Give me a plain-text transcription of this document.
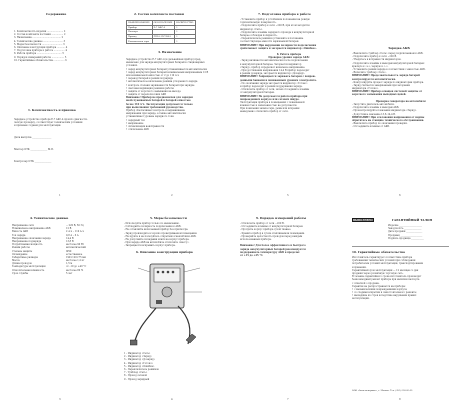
Содержание
1. Комплектность изделия ...................... 2
2. Состав комплекта поставки ................ 2
3. Назначение ....................................... 2
4. Технические данные ........................... 3
5. Меры безопасности ............................ 3
6. Описание конструкции прибора ........... 4
7. Подготовка прибора к работе ............... 4
8. Работа прибора .................................. 5
9. Порядок измерений работы ................. 5
10. Гарантийные обязательства ............... 6
1. Комплектность и приемка
Зарядное устройство прибора Е-7 АКС-4 прошло диагности-
ческую проверку, соответствует техническим условиям
и признано годным для эксплуатации.
Дата выпуска ________________
Мастер ОТК ______________ М.П.
Контролер ОТК ______________
1
2. Состав комплекта поставки
НАИМЕНОВАНИЕ	ОБОЗНАЧЕНИЕ	КОЛИЧЕСТВО
Прибор	Е-7 АКС-4	1
Паспорт		1
Провод	РПБ-1 ПСЛ-К4	1
Упаковочная тара		1
3. Назначение
Зарядное устройство Е-7 АКС-4 (в дальнейшем прибор) пред-
назначено для заряда аккумуляторных батарей в стационарных
условиях.
• заряд аккумуляторных батарей устанавливается автоматически
• заряд аккумуляторных батарей номинальным напряжением 12 В
или номинальной ёмкостью от 2 до 110 А·ч
• перевод батарей в режим подзаряда
• автоматическое включение режима ускоренного заряда
• контроль степени заряженности батарей при зарядке
• световая индикация режимов работы
• защита от короткого замыкания на выходе
• защита от переполюсовки АКБ
Внимание! Прибор не предназначен для зарядки
необслуживаемых батарей и батарей ёмкостью
более 110 А·ч. Эксплуатация допускается только
при выполнении требований руководства.
Прибор обеспечивает контроль и выравнивание
напряжения при заряде, а также автоматически
устанавливает уровень зарядного тока:
• зарядный ток
• напряжение
• сигнализация неисправности
• отключение АКБ
2
7. Подготовка прибора к работе
- Установите прибор в устойчивом положении на ровную
горизонтальную поверхность.
- Подключите прибор к сети ~220 В, при этом загорится
индикатор «Сеть».
- Подключите клеммы зарядного провода к аккумуляторной
батарее соблюдая полярность.
- Переключатель режимов установите в положение
соответствующее ёмкости заряжаемой батареи.
ВНИМАНИЕ! При нарушении полярности подключения
срабатывает защита и загорается индикатор «Ошибка».
8. Работа прибора
Проверка уровня заряда АКБ:
- Заряд начинается автоматически после подключения
к аккумуляторной батарее. Загорается индикатор
«Заряд», прибор определяет начальное напряжение.
- При достижении напряжения 14,4 В прибор переходит
в режим дозаряда, загорается индикатор «Дозаряд».
ВНИМАНИЕ! Запрещается заряжать батареи с повреж-
денными банками и пониженным уровнем электролита.
- По окончании заряда загорается индикатор «Готово»
и прибор переходит в режим поддержания заряда.
- Отключите прибор от сети, затем отсоедините клеммы
от аккумуляторной батареи.
ВНИМАНИЕ! Не допускается работа прибора при
повреждённом корпусе или сетевом шнуре.
Эксплуатация прибора в помещениях с повышенной
влажностью и запылённостью не допускается.
При появлении запаха гари, дыма или искрения
немедленно отключите прибор от сети.
5
Зарядка АКБ
- Выключите тумблер «Сеть» перед подключением к АКБ.
- Подключите прибор к сети ~220 В.
- Убедитесь в исправности индикаторов.
- Подключите клеммы к выводам аккумуляторной батареи:
красную к «+», чёрную к «–».
- Установите режим заряда в соответствии с ёмкостью АКБ.
- Включите тумблер «Сеть».
ВНИМАНИЕ! Продолжительность заряда батарей
контролируется автоматически.
- Контролируйте процесс заряда по индикаторам прибора.
- Заряд считается завершённым при загорании
индикатора «Готово».
ВНИМАНИЕ! Прибор оснащён системой защиты от
короткого замыкания выходных цепей.
Проверка генератора на автомобиле:
- Запустите двигатель автомобиля.
- Подключите клеммы к выводам АКБ.
- Проконтролируйте показания индикатора «Заряд».
- Допустимое значение 13,8–14,4 В.
ВНИМАНИЕ! При отклонении напряжения от нормы
обратитесь на станцию технического обслуживания.
- Выключите прибор по окончании проверки.
- Отсоедините клеммы от АКБ.
6
4. Технические данные
Напряжение сети	~ 220 В, 50 Гц
Номинальное напряжение АКБ	12 В
Ёмкость АКБ	2 А·ч – 110 А·ч
Ток заряда	0,8 А – 6 А
Напряжение окончания заряда	14,4 В
Напряжение подзаряда	13,8 В
Потребляемая мощность	не более 90 Вт
Режим работы	автоматический
Степень защиты	IP20
Охлаждение	естественное
Габаритные размеры	190×120×75 мм
Масса	не более 1,2 кг
Длина проводов	1,5 м
Температура эксплуатации	от –10 до +40 °С
Относительная влажность	не более 80 %
Срок службы	5 лет
3
5. Меры безопасности
- Используйте прибор только по назначению.
- Соблюдайте полярность подключения к АКБ.
- Не оставляйте включённый прибор без присмотра.
- Заряд производите в хорошо проветриваемом помещении.
- Не курите и не пользуйтесь открытым огнём вблизи АКБ.
- Не допускайте попадания влаги на корпус прибора.
- При заряде АКБ на автомобиле отключите «массу».
- Запрещается вскрывать корпус прибора.
6. Описание конструкции прибора
1 - Индикатор «Сеть»
2 - Индикатор «Заряд»
3 - Индикатор «Дозаряд»
4 - Индикатор «Готово»
5 - Индикатор «Ошибка»
6 - Переключатель режимов
7 - Тумблер «Сеть»
8 - Провод сетевой
9 - Провод зарядный
4
9. Порядок измерений работы
- Отключите прибор от сети ~220 В.
- Отсоедините клеммы от аккумуляторной батареи.
- Протрите корпус прибора сухой тканью.
- Храните прибор в сухом отапливаемом помещении.
- Проверяйте целостность проводов перед каждым
использованием прибора.
Внимание! Для более эффективного и быстрого
заряда аккумуляторных батарей рекомендуется
поддерживать температуру АКБ в пределах
от +15 до +25 °С.
7
ВЫПОЛНЕНО	ГАРАНТИЙНЫЙ ТАЛОН
Изделие ____________________
Заводской № _______________
Дата продажи ______________
Продавец ___________________
Подпись продавца ___________
10. Гарантийные обязательства
Изготовитель гарантирует соответствие прибора
требованиям технических условий при соблюдении
потребителем условий эксплуатации, транспортирования
и хранения.
Гарантийный срок эксплуатации — 12 месяцев со дня
продажи через розничную торговую сеть.
В течение гарантийного срока изготовитель производит
безвозмездный ремонт прибора при наличии паспорта
с отметкой о продаже.
Гарантия не распространяется на приборы:
• с механическими повреждениями корпуса;
• со следами вскрытия и самостоятельного ремонта;
• вышедшие из строя вследствие нарушения правил
эксплуатации.
ООО «Автоэлектрика», г. Москва. Тел. (495) 000-00-00
8
